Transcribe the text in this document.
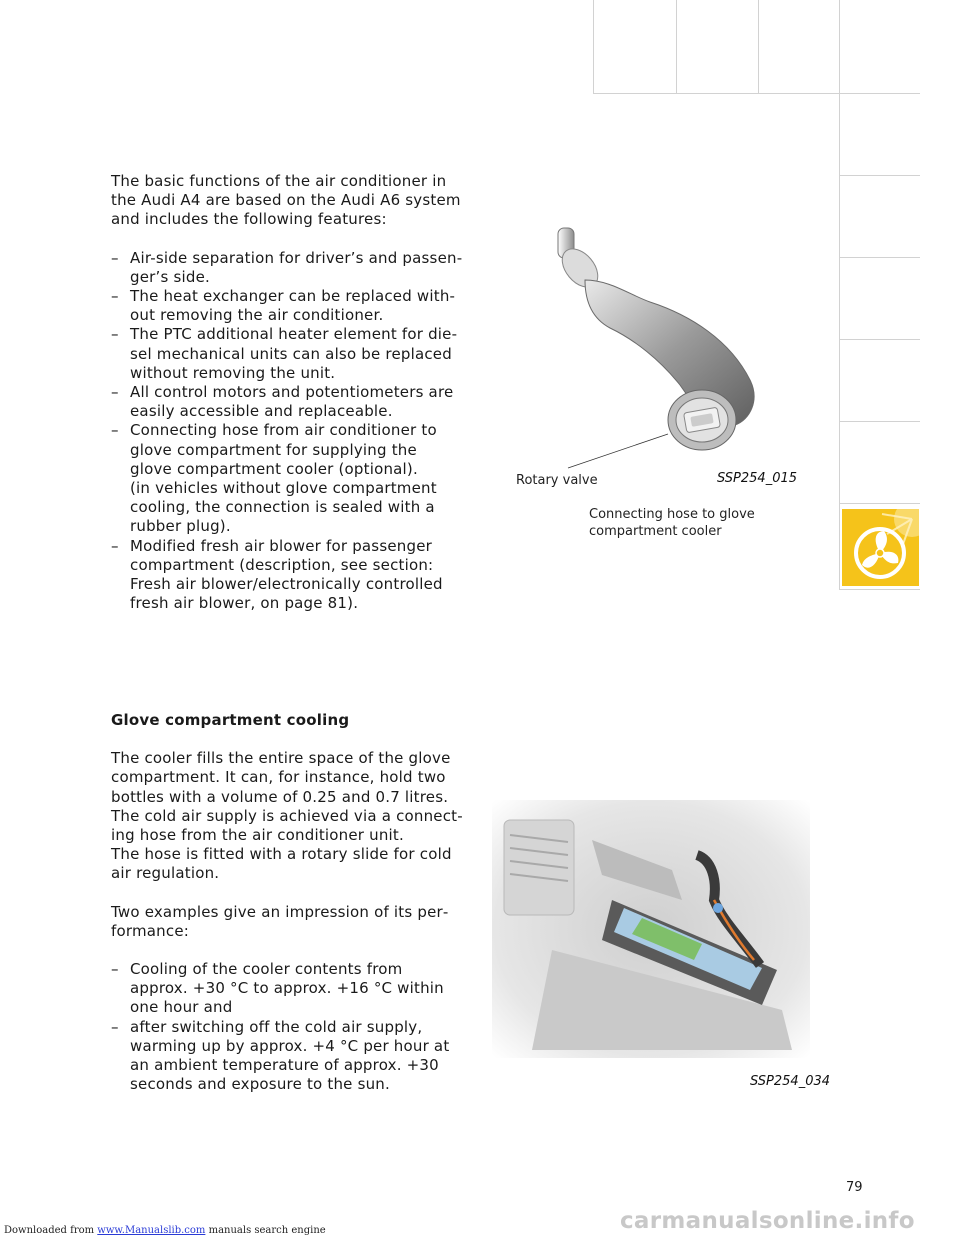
The basic functions of the air conditioner in the Audi A4 are based on the Audi A6 system and includes the following features:

– Air-side separation for driver’s and passenger’s side.
– The heat exchanger can be replaced without removing the air conditioner.
– The PTC additional heater element for diesel mechanical units can also be replaced without removing the unit.
– All control motors and potentiometers are easily accessible and replaceable.
– Connecting hose from air conditioner to glove compartment for supplying the glove compartment cooler (optional).

(in vehicles without glove compartment cooling, the connection is sealed with a rubber plug).

– Modified fresh air blower for passenger compartment (description, see section: Fresh air blower/electronically controlled fresh air blower, on page 81).
Rotary valve	SSP254_015
Connecting hose to glove compartment cooler

Glove compartment cooling

The cooler fills the entire space of the glove compartment. It can, for instance, hold two bottles with a volume of 0.25 and 0.7 litres. The cold air supply is achieved via a connecting hose from the air conditioner unit.

The hose is fitted with a rotary slide for cold air regulation.

Two examples give an impression of its performance:

– Cooling of the cooler contents from approx. +30 °C to approx. +16 °C within one hour and
– after switching off the cold air supply, warming up by approx. +4 °C per hour at an ambient temperature of approx. +30 seconds and exposure to the sun.	SSP254_034
79
carmanualsonline.info
Downloaded from www.Manualslib.com manuals search engine
